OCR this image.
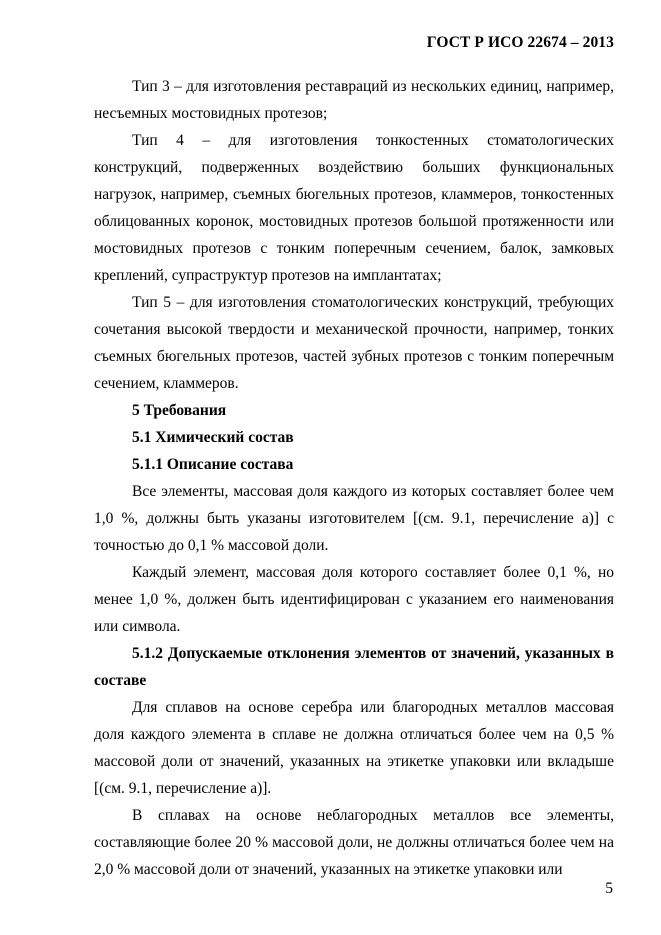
ГОСТ Р ИСО 22674 – 2013

Тип 3 – для изготовления реставраций из нескольких единиц, например, несъемных мостовидных протезов;

Тип 4 – для изготовления тонкостенных стоматологических конструкций, подверженных воздействию больших функциональных нагрузок, например, съемных бюгельных протезов, кламмеров, тонкостенных облицованных коронок, мостовидных протезов большой протяженности или мостовидных протезов с тонким поперечным сечением, балок, замковых креплений, супраструктур протезов на имплантатах;

Тип 5 – для изготовления стоматологических конструкций, требующих сочетания высокой твердости и механической прочности, например, тонких съемных бюгельных протезов, частей зубных протезов с тонким поперечным сечением, кламмеров.

5 Требования

5.1 Химический состав

5.1.1 Описание состава

Все элементы, массовая доля каждого из которых составляет более чем 1,0 %, должны быть указаны изготовителем [(см. 9.1, перечисление а)] с точностью до 0,1 % массовой доли.

Каждый элемент, массовая доля которого составляет более 0,1 %, но менее 1,0 %, должен быть идентифицирован с указанием его наименования или символа.

5.1.2 Допускаемые отклонения элементов от значений, указанных в составе

Для сплавов на основе серебра или благородных металлов массовая доля каждого элемента в сплаве не должна отличаться более чем на 0,5 % массовой доли от значений, указанных на этикетке упаковки или вкладыше [(см. 9.1, перечисление а)].

В сплавах на основе неблагородных металлов все элементы, составляющие более 20 % массовой доли, не должны отличаться более чем на 2,0 % массовой доли от значений, указанных на этикетке упаковки или

5
